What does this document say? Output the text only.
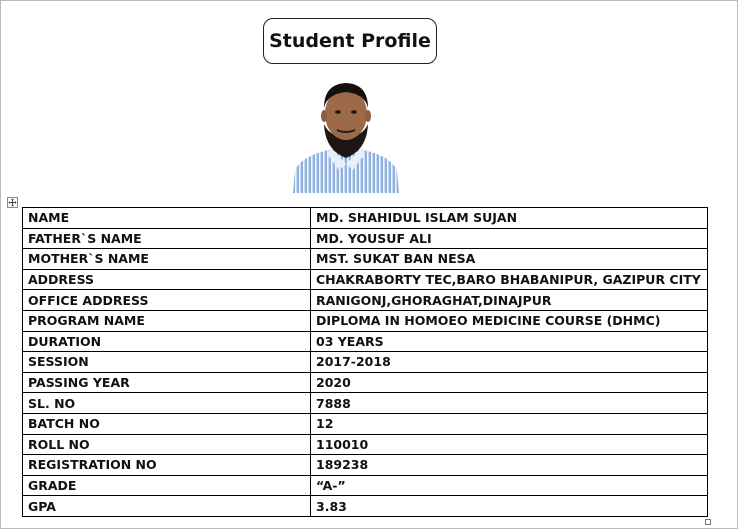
Student Profile
NAME	MD. SHAHIDUL ISLAM SUJAN
FATHER`S NAME	MD. YOUSUF ALI
MOTHER`S NAME	MST. SUKAT BAN NESA
ADDRESS	CHAKRABORTY TEC,BARO BHABANIPUR, GAZIPUR CITY
OFFICE ADDRESS	RANIGONJ,GHORAGHAT,DINAJPUR
PROGRAM NAME	DIPLOMA IN HOMOEO MEDICINE COURSE (DHMC)
DURATION	03 YEARS
SESSION	2017-2018
PASSING YEAR	2020
SL. NO	7888
BATCH NO	12
ROLL NO	110010
REGISTRATION NO	189238
GRADE	“A-”
GPA	3.83
